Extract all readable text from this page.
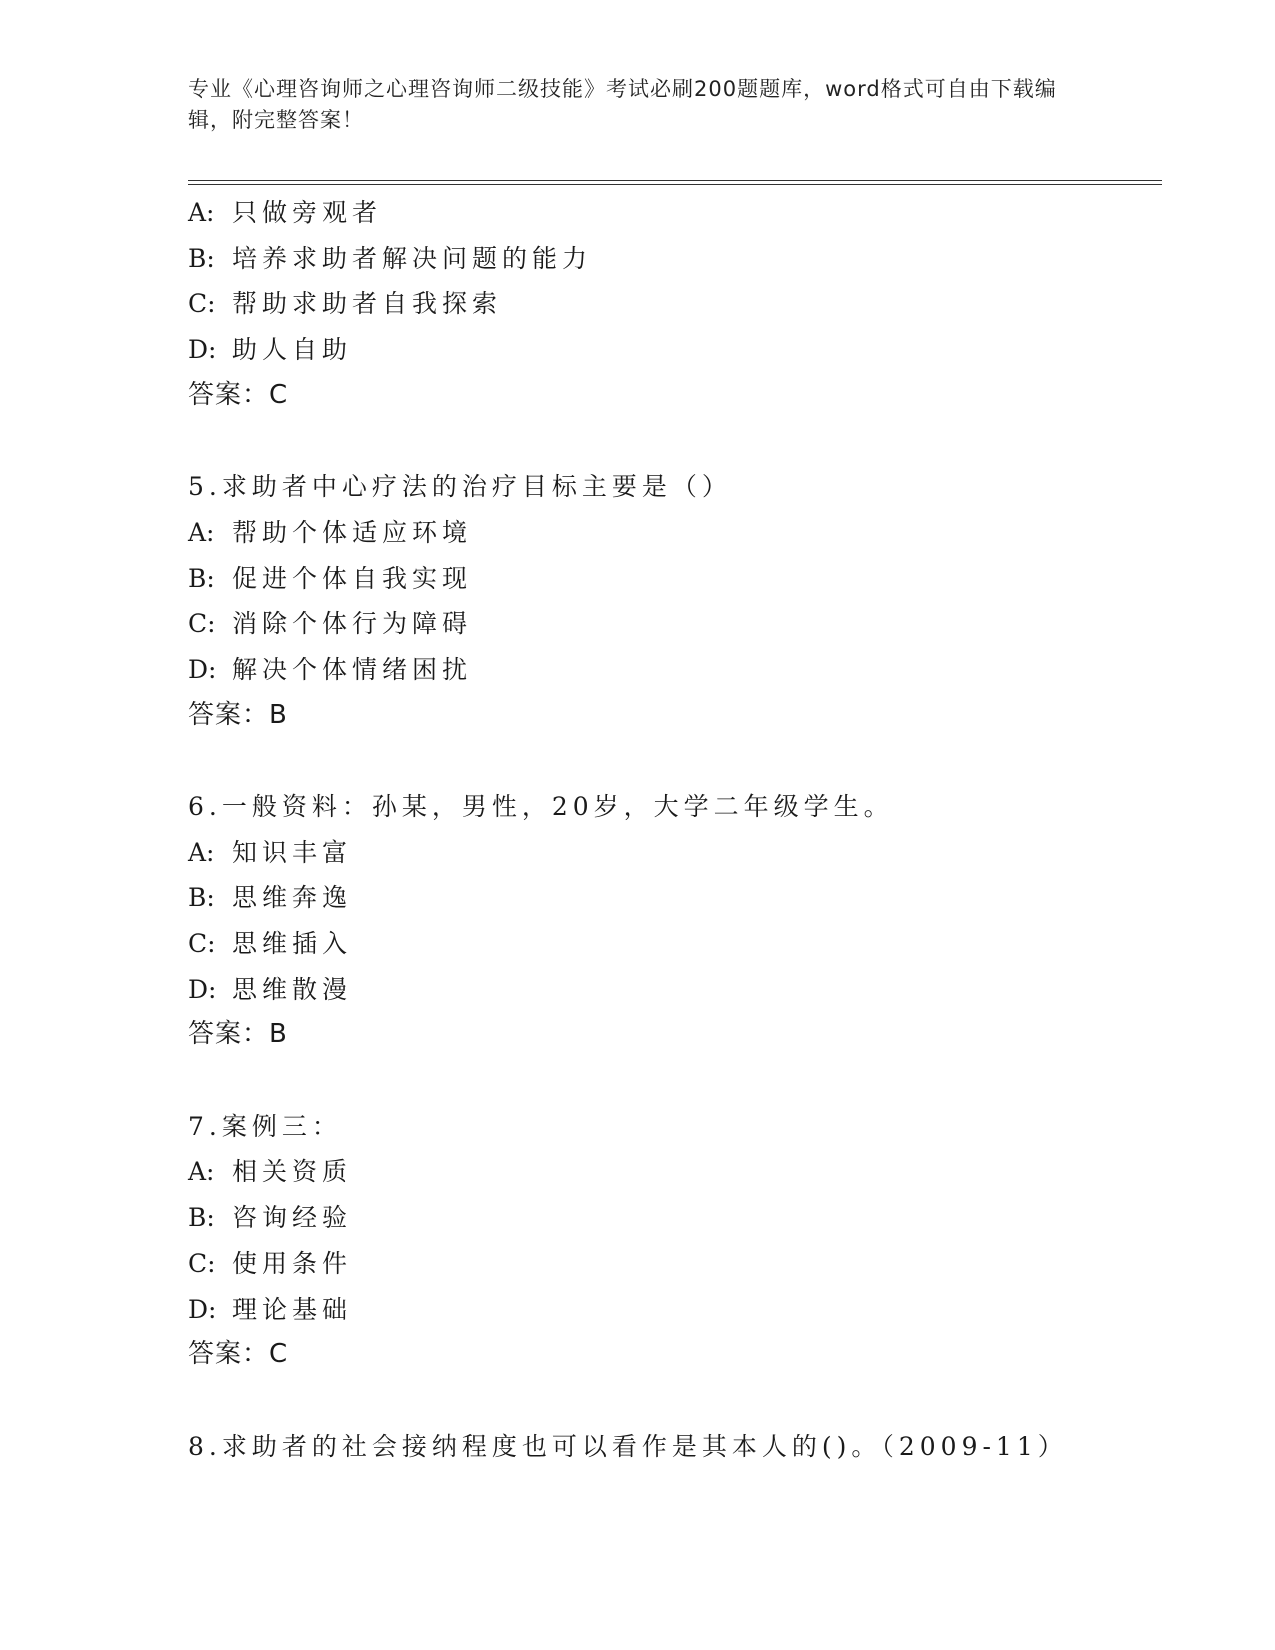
专业《心理咨询师之心理咨询师二级技能》考试必刷200题题库，word格式可自由下载编辑，附完整答案！
A: 只做旁观者
B: 培养求助者解决问题的能力
C: 帮助求助者自我探索
D: 助人自助
答案：C
5.求助者中心疗法的治疗目标主要是（）
A: 帮助个体适应环境
B: 促进个体自我实现
C: 消除个体行为障碍
D: 解决个体情绪困扰
答案：B
6.一般资料：孙某，男性，20岁，大学二年级学生。
A: 知识丰富
B: 思维奔逸
C: 思维插入
D: 思维散漫
答案：B
7.案例三：
A: 相关资质
B: 咨询经验
C: 使用条件
D: 理论基础
答案：C
8.求助者的社会接纳程度也可以看作是其本人的()。（2009-11）
